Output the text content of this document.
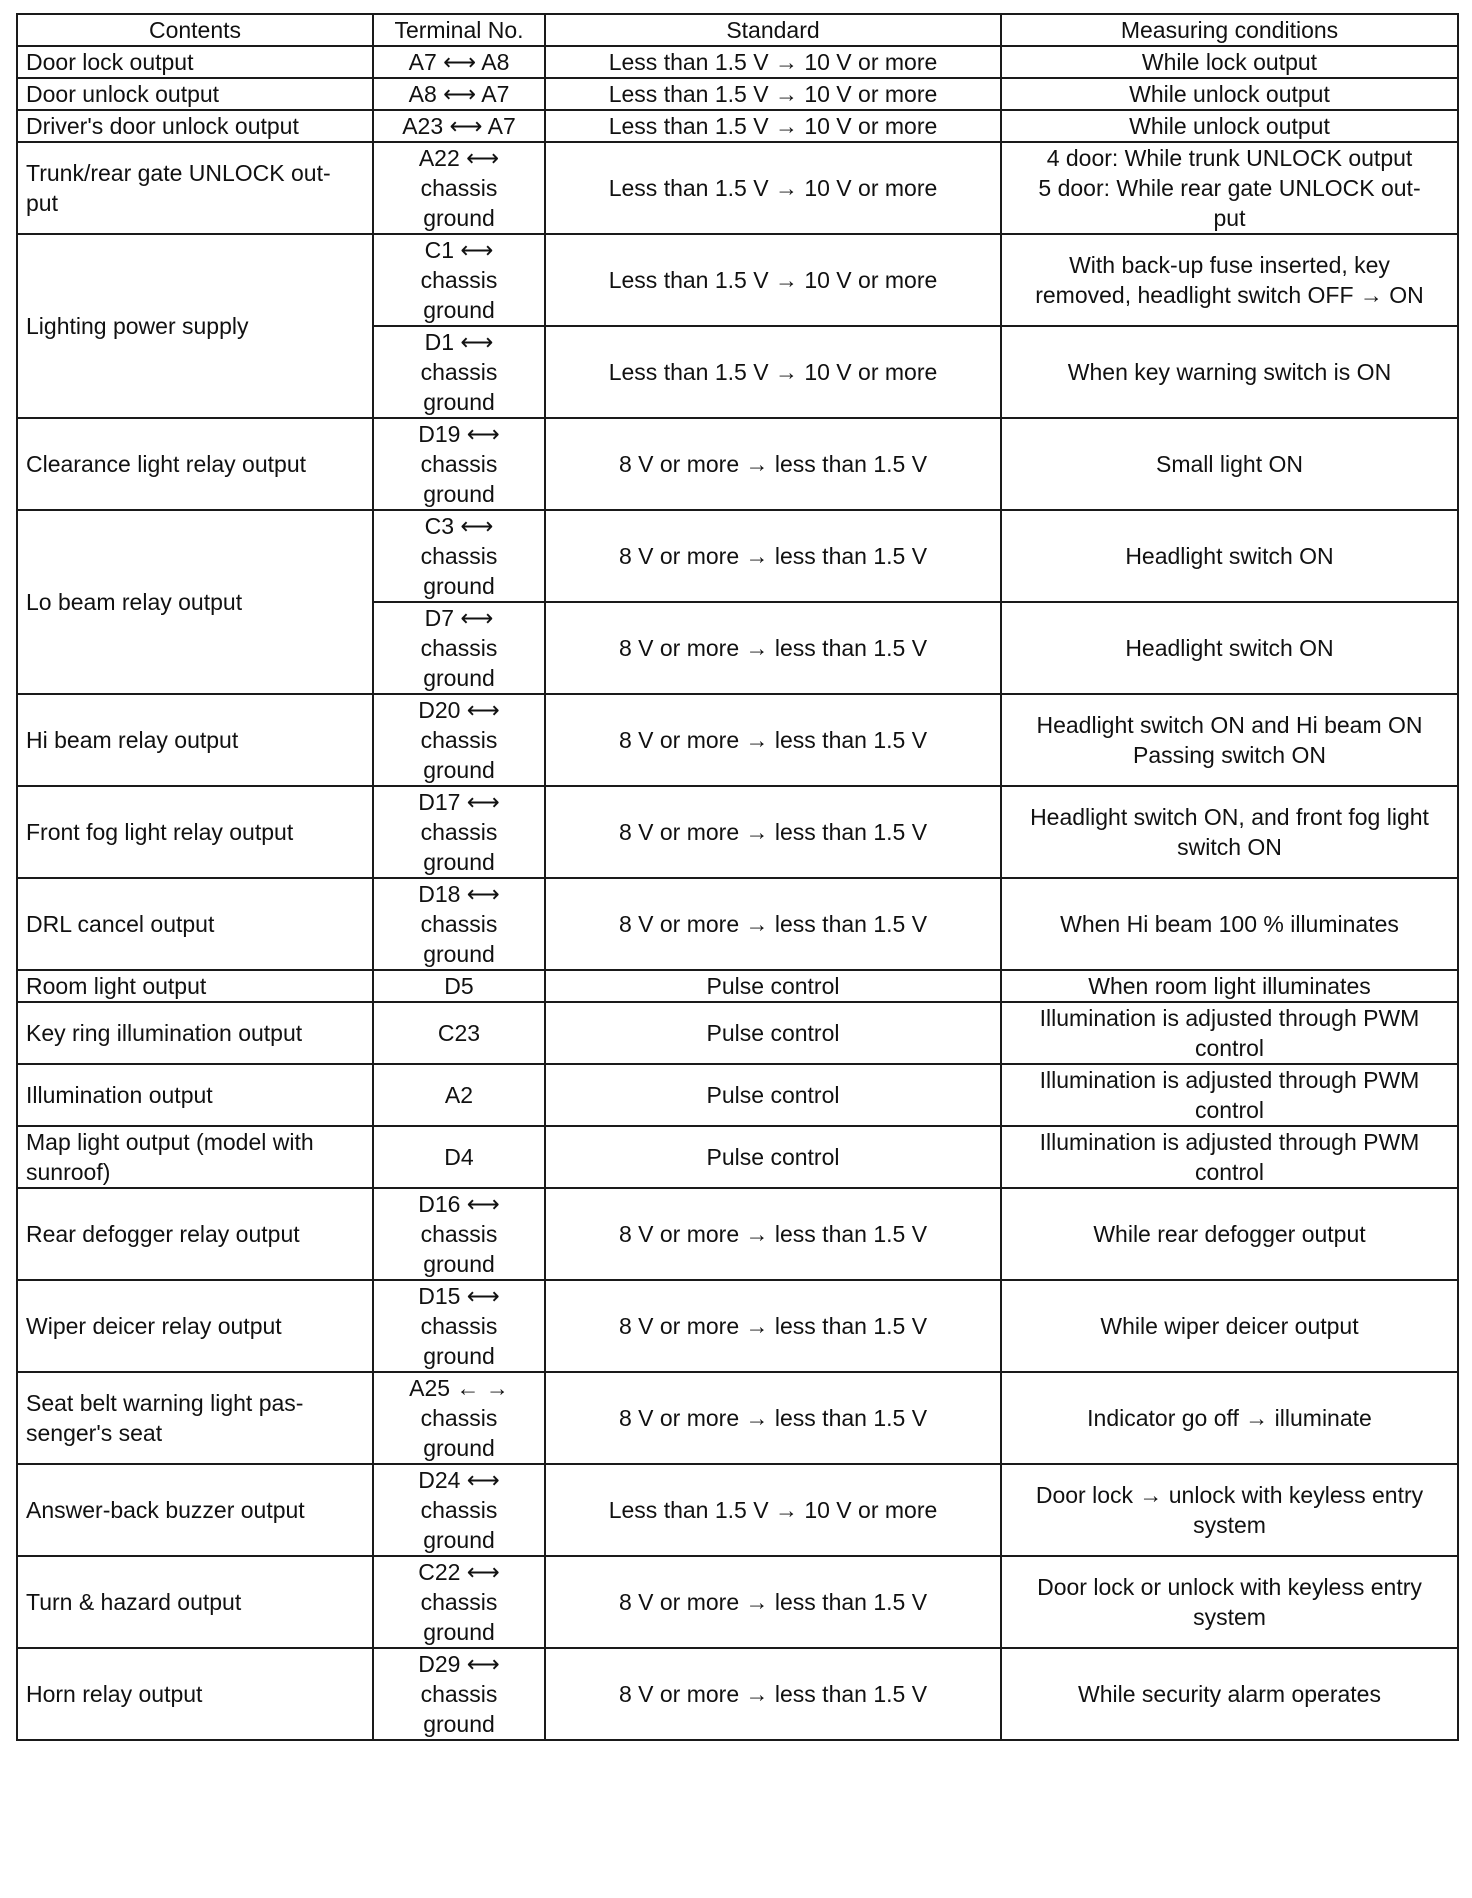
Contents	Terminal No.	Standard	Measuring conditions
Door lock output	A7 ⟷ A8	Less than 1.5 V → 10 V or more	While lock output
Door unlock output	A8 ⟷ A7	Less than 1.5 V → 10 V or more	While unlock output
Driver's door unlock output	A23 ⟷ A7	Less than 1.5 V → 10 V or more	While unlock output

Trunk/rear gate UNLOCK out-
put	A22 ⟷
chassis
ground	Less than 1.5 V → 10 V or more	4 door: While trunk UNLOCK output
5 door: While rear gate UNLOCK out-
put

Lighting power supply	C1 ⟷
chassis
ground	Less than 1.5 V → 10 V or more	With back-up fuse inserted, key
removed, headlight switch OFF → ON

	D1 ⟷
chassis
ground	Less than 1.5 V → 10 V or more	When key warning switch is ON
Clearance light relay output	D19 ⟷
chassis
ground	8 V or more → less than 1.5 V	Small light ON
Lo beam relay output	C3 ⟷
chassis
ground	8 V or more → less than 1.5 V	Headlight switch ON

	D7 ⟷
chassis
ground	8 V or more → less than 1.5 V	Headlight switch ON
Hi beam relay output	D20 ⟷
chassis
ground	8 V or more → less than 1.5 V	Headlight switch ON and Hi beam ON
Passing switch ON

Front fog light relay output	D17 ⟷
chassis
ground	8 V or more → less than 1.5 V	Headlight switch ON, and front fog light
switch ON

DRL cancel output	D18 ⟷
chassis
ground	8 V or more → less than 1.5 V	When Hi beam 100 % illuminates
Room light output	D5	Pulse control	When room light illuminates
Key ring illumination output	C23	Pulse control	Illumination is adjusted through PWM
control

Illumination output	A2	Pulse control	Illumination is adjusted through PWM
control

Map light output (model with
sunroof)	D4	Pulse control	Illumination is adjusted through PWM
control

Rear defogger relay output	D16 ⟷
chassis
ground	8 V or more → less than 1.5 V	While rear defogger output
Wiper deicer relay output	D15 ⟷
chassis
ground	8 V or more → less than 1.5 V	While wiper deicer output

Seat belt warning light pas-
senger's seat	A25 ← →
chassis
ground	8 V or more → less than 1.5 V	Indicator go off → illuminate
Answer-back buzzer output	D24 ⟷
chassis
ground	Less than 1.5 V → 10 V or more	Door lock → unlock with keyless entry
system

Turn & hazard output	C22 ⟷
chassis
ground	8 V or more → less than 1.5 V	Door lock or unlock with keyless entry
system

Horn relay output	D29 ⟷
chassis
ground	8 V or more → less than 1.5 V	While security alarm operates
